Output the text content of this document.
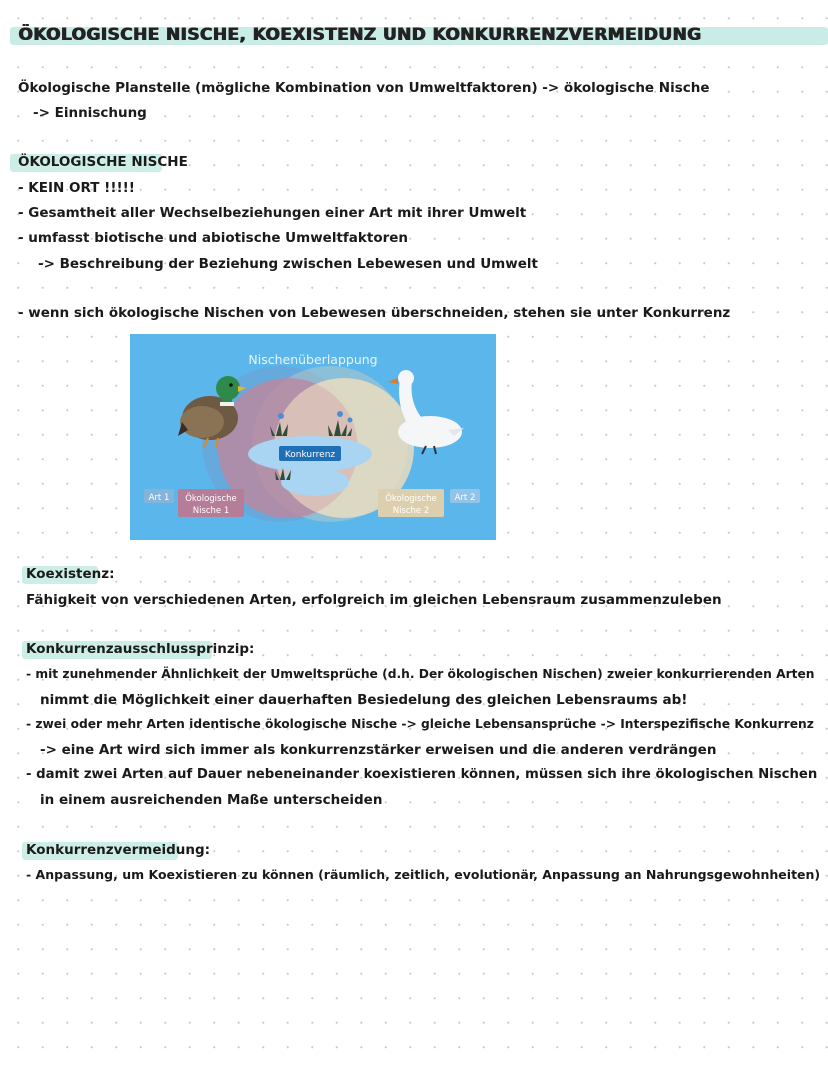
ÖKOLOGISCHE NISCHE, KOEXISTENZ UND KONKURRENZVERMEIDUNG
Ökologische Planstelle (mögliche Kombination von Umweltfaktoren) -> ökologische Nische
-> Einnischung
ÖKOLOGISCHE NISCHE
- KEIN ORT !!!!!
- Gesamtheit aller Wechselbeziehungen einer Art mit ihrer Umwelt
- umfasst biotische und abiotische Umweltfaktoren
-> Beschreibung der Beziehung zwischen Lebewesen und Umwelt
- wenn sich ökologische Nischen von Lebewesen überschneiden, stehen sie unter Konkurrenz
Nischenüberlappung
Konkurrenz
Art 1 Ökologische
Nische 1
Ökologische
Nische 2
Art 2
Koexistenz:
Fähigkeit von verschiedenen Arten, erfolgreich im gleichen Lebensraum zusammenzuleben
Konkurrenzausschlussprinzip:
- mit zunehmender Ähnlichkeit der Umweltsprüche (d.h. Der ökologischen Nischen) zweier konkurrierenden Arten
nimmt die Möglichkeit einer dauerhaften Besiedelung des gleichen Lebensraums ab!
- zwei oder mehr Arten identische ökologische Nische -> gleiche Lebensansprüche -> Interspezifische Konkurrenz
-> eine Art wird sich immer als konkurrenzstärker erweisen und die anderen verdrängen
- damit zwei Arten auf Dauer nebeneinander koexistieren können, müssen sich ihre ökologischen Nischen
in einem ausreichenden Maße unterscheiden
Konkurrenzvermeidung:
- Anpassung, um Koexistieren zu können (räumlich, zeitlich, evolutionär, Anpassung an Nahrungsgewohnheiten)
